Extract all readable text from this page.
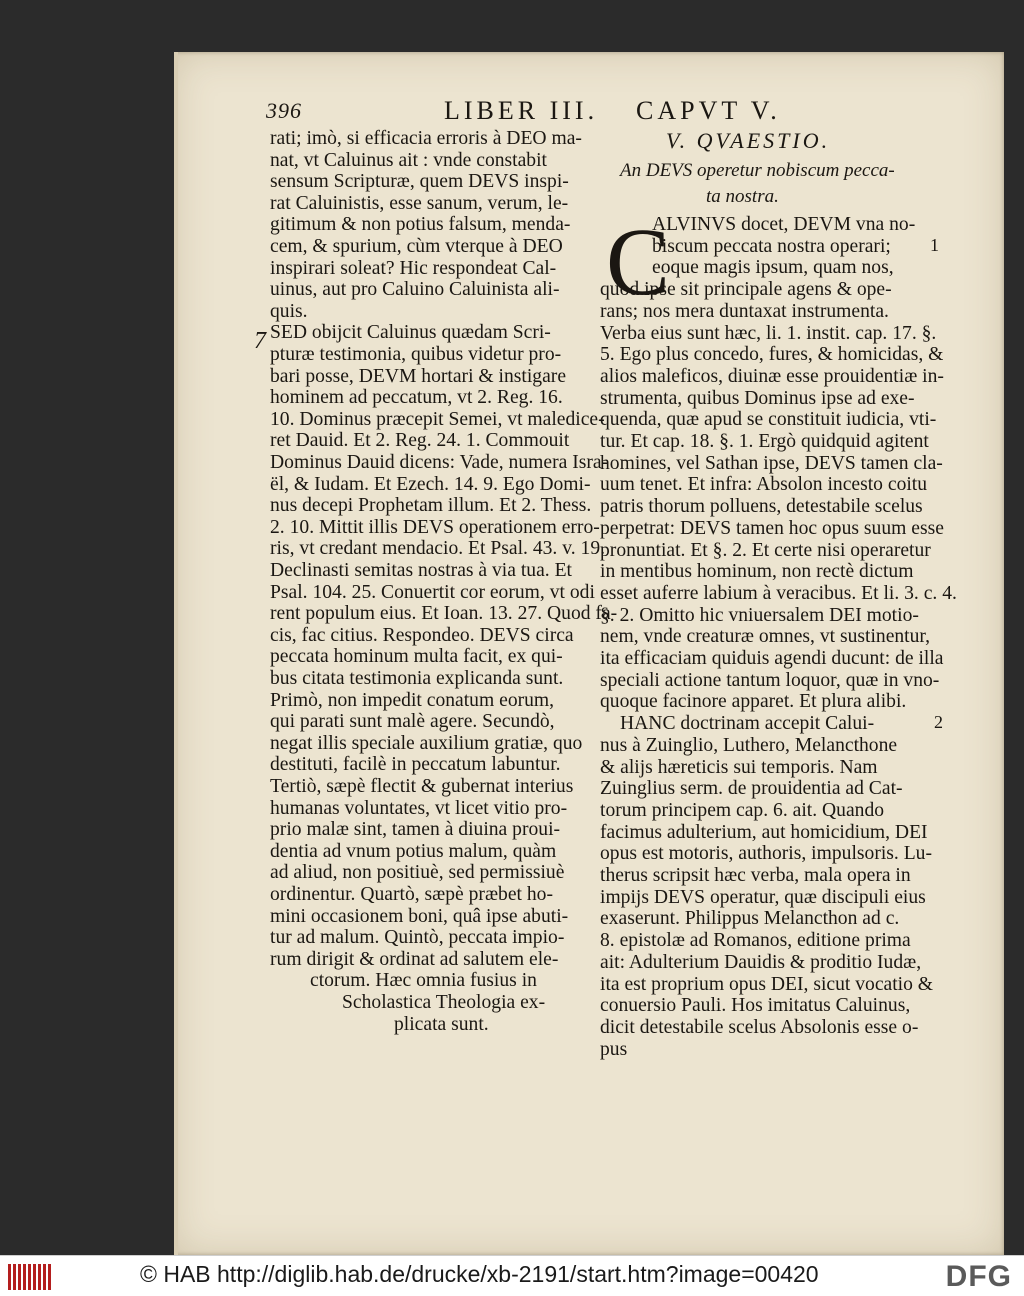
396	LIBER III. CAPVT V.
V. QVAESTIO.
An DEVS operetur nobiscum pecca-
ta nostra.
C
7
1
2
rati; imò, si efficacia erroris à DEO ma-
nat, vt Caluinus ait : vnde constabit
sensum Scripturæ, quem DEVS inspi-
rat Caluinistis, esse sanum, verum, le-
gitimum & non potius falsum, menda-
cem, & spurium, cùm vterque à DEO
inspirari soleat? Hic respondeat Cal-
uinus, aut pro Caluino Caluinista ali-
quis.
SED obijcit Caluinus quædam Scri-
pturæ testimonia, quibus videtur pro-
bari posse, DEVM hortari & instigare
hominem ad peccatum, vt 2. Reg. 16.
10. Dominus præcepit Semei, vt maledice-
ret Dauid. Et 2. Reg. 24. 1. Commouit
Dominus Dauid dicens: Vade, numera Isra-
ël, & Iudam. Et Ezech. 14. 9. Ego Domi-
nus decepi Prophetam illum. Et 2. Thess.
2. 10. Mittit illis DEVS operationem erro-
ris, vt credant mendacio. Et Psal. 43. v. 19.
Declinasti semitas nostras à via tua. Et
Psal. 104. 25. Conuertit cor eorum, vt odi
rent populum eius. Et Ioan. 13. 27. Quod fa-
cis, fac citius. Respondeo. DEVS circa
peccata hominum multa facit, ex qui-
bus citata testimonia explicanda sunt.
Primò, non impedit conatum eorum,
qui parati sunt malè agere. Secundò,
negat illis speciale auxilium gratiæ, quo
destituti, facilè in peccatum labuntur.
Tertiò, sæpè flectit & gubernat interius
humanas voluntates, vt licet vitio pro-
prio malæ sint, tamen à diuina proui-
dentia ad vnum potius malum, quàm
ad aliud, non positiuè, sed permissiuè
ordinentur. Quartò, sæpè præbet ho-
mini occasionem boni, quâ ipse abuti-
tur ad malum. Quintò, peccata impio-
rum dirigit & ordinat ad salutem ele-
ctorum. Hæc omnia fusius in
Scholastica Theologia ex-
plicata sunt.
ALVINVS docet, DEVM vna no-
biscum peccata nostra operari;
eoque magis ipsum, quam nos,
quod ipse sit principale agens & ope-
rans; nos mera duntaxat instrumenta.
Verba eius sunt hæc, li. 1. instit. cap. 17. §.
5. Ego plus concedo, fures, & homicidas, &
alios maleficos, diuinæ esse prouidentiæ in-
strumenta, quibus Dominus ipse ad exe-
quenda, quæ apud se constituit iudicia, vti-
tur. Et cap. 18. §. 1. Ergò quidquid agitent
homines, vel Sathan ipse, DEVS tamen cla-
uum tenet. Et infra: Absolon incesto coitu
patris thorum polluens, detestabile scelus
perpetrat: DEVS tamen hoc opus suum esse
pronuntiat. Et §. 2. Et certe nisi operaretur
in mentibus hominum, non rectè dictum
esset auferre labium à veracibus. Et li. 3. c. 4.
§. 2. Omitto hic vniuersalem DEI motio-
nem, vnde creaturæ omnes, vt sustinentur,
ita efficaciam quiduis agendi ducunt: de illa
speciali actione tantum loquor, quæ in vno-
quoque facinore apparet. Et plura alibi.
HANC doctrinam accepit Calui-
nus à Zuinglio, Luthero, Melancthone
& alijs hæreticis sui temporis. Nam
Zuinglius serm. de prouidentia ad Cat-
torum principem cap. 6. ait. Quando
facimus adulterium, aut homicidium, DEI
opus est motoris, authoris, impulsoris. Lu-
therus scripsit hæc verba, mala opera in
impijs DEVS operatur, quæ discipuli eius
exaserunt. Philippus Melancthon ad c.
8. epistolæ ad Romanos, editione prima
ait: Adulterium Dauidis & proditio Iudæ,
ita est proprium opus DEI, sicut vocatio &
conuersio Pauli. Hos imitatus Caluinus,
dicit detestabile scelus Absolonis esse o-
pus
© HAB http://diglib.hab.de/drucke/xb-2191/start.htm?image=00420	DFG
